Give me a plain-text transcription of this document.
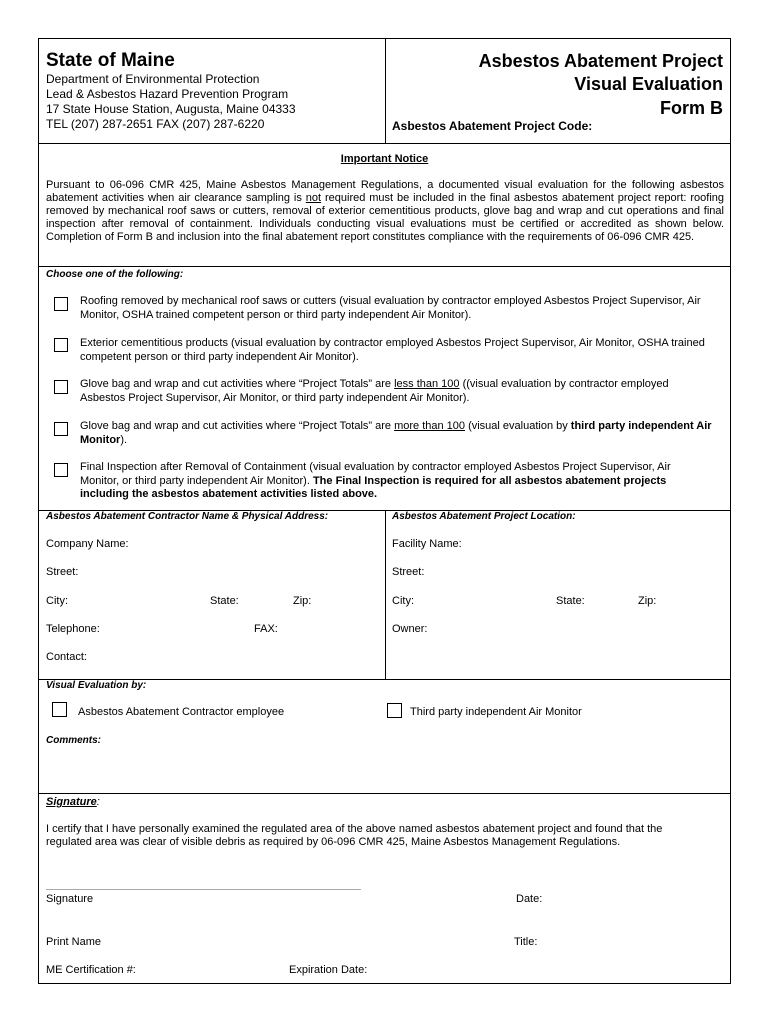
State of Maine
Department of Environmental Protection
Lead & Asbestos Hazard Prevention Program
17 State House Station, Augusta, Maine 04333
TEL (207) 287-2651 FAX (207) 287-6220
Asbestos Abatement Project
Visual Evaluation
Form B
Asbestos Abatement Project Code:
Important Notice
Pursuant to 06-096 CMR 425, Maine Asbestos Management Regulations, a documented visual evaluation for the following asbestos abatement activities when air clearance sampling is not required must be included in the final asbestos abatement project report: roofing removed by mechanical roof saws or cutters, removal of exterior cementitious products, glove bag and wrap and cut operations and final inspection after removal of containment. Individuals conducting visual evaluations must be certified or accredited as shown below. Completion of Form B and inclusion into the final abatement report constitutes compliance with the requirements of 06-096 CMR 425.
Choose one of the following:
Roofing removed by mechanical roof saws or cutters (visual evaluation by contractor employed Asbestos Project Supervisor, Air Monitor, OSHA trained competent person or third party independent Air Monitor).
Exterior cementitious products (visual evaluation by contractor employed Asbestos Project Supervisor, Air Monitor, OSHA trained competent person or third party independent Air Monitor).
Glove bag and wrap and cut activities where “Project Totals” are less than 100 ((visual evaluation by contractor employed Asbestos Project Supervisor, Air Monitor, or third party independent Air Monitor).
Glove bag and wrap and cut activities where “Project Totals” are more than 100 (visual evaluation by third party independent Air Monitor).
Final Inspection after Removal of Containment (visual evaluation by contractor employed Asbestos Project Supervisor, Air Monitor, or third party independent Air Monitor). The Final Inspection is required for all asbestos abatement projects including the asbestos abatement activities listed above.
Asbestos Abatement Contractor Name & Physical Address:
Company Name:
Street:
City:	State:	Zip:
Telephone:	FAX:
Contact:
Asbestos Abatement Project Location:
Facility Name:
Street:
City:	State:	Zip:
Owner:
Visual Evaluation by:
Asbestos Abatement Contractor employee	Third party independent Air Monitor
Comments:
Signature:
I certify that I have personally examined the regulated area of the above named asbestos abatement project and found that the regulated area was clear of visible debris as required by 06-096 CMR 425, Maine Asbestos Management Regulations.
Signature	Date:
Print Name	Title:
ME Certification #:	Expiration Date:
